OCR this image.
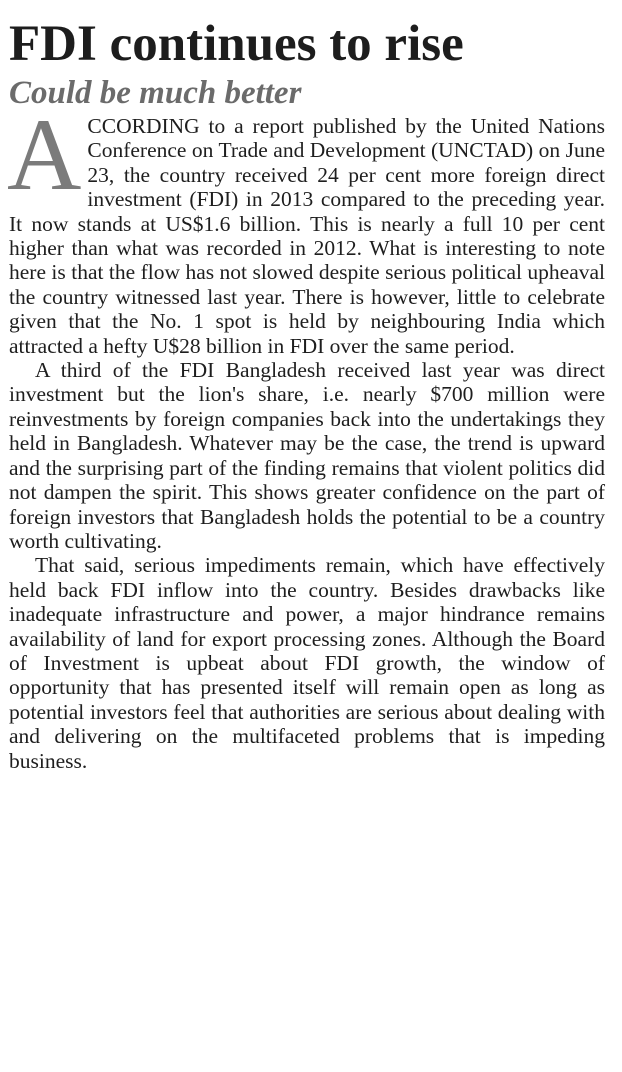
FDI continues to rise
Could be much better

ACCORDING to a report published by the United Nations Conference on Trade and Development (UNCTAD) on June 23, the country received 24 per cent more foreign direct investment (FDI) in 2013 compared to the preceding year. It now stands at US$1.6 billion. This is nearly a full 10 per cent higher than what was recorded in 2012. What is interesting to note here is that the flow has not slowed despite serious political upheaval the country witnessed last year. There is however, little to celebrate given that the No. 1 spot is held by neighbouring India which attracted a hefty U$28 billion in FDI over the same period.

A third of the FDI Bangladesh received last year was direct investment but the lion's share, i.e. nearly $700 million were reinvestments by foreign companies back into the undertakings they held in Bangladesh. Whatever may be the case, the trend is upward and the surprising part of the finding remains that violent politics did not dampen the spirit. This shows greater confidence on the part of foreign investors that Bangladesh holds the potential to be a country worth cultivating.

That said, serious impediments remain, which have effectively held back FDI inflow into the country. Besides drawbacks like inadequate infrastructure and power, a major hindrance remains availability of land for export processing zones. Although the Board of Investment is upbeat about FDI growth, the window of opportunity that has presented itself will remain open as long as potential investors feel that authorities are serious about dealing with and delivering on the multifaceted problems that is impeding business.
